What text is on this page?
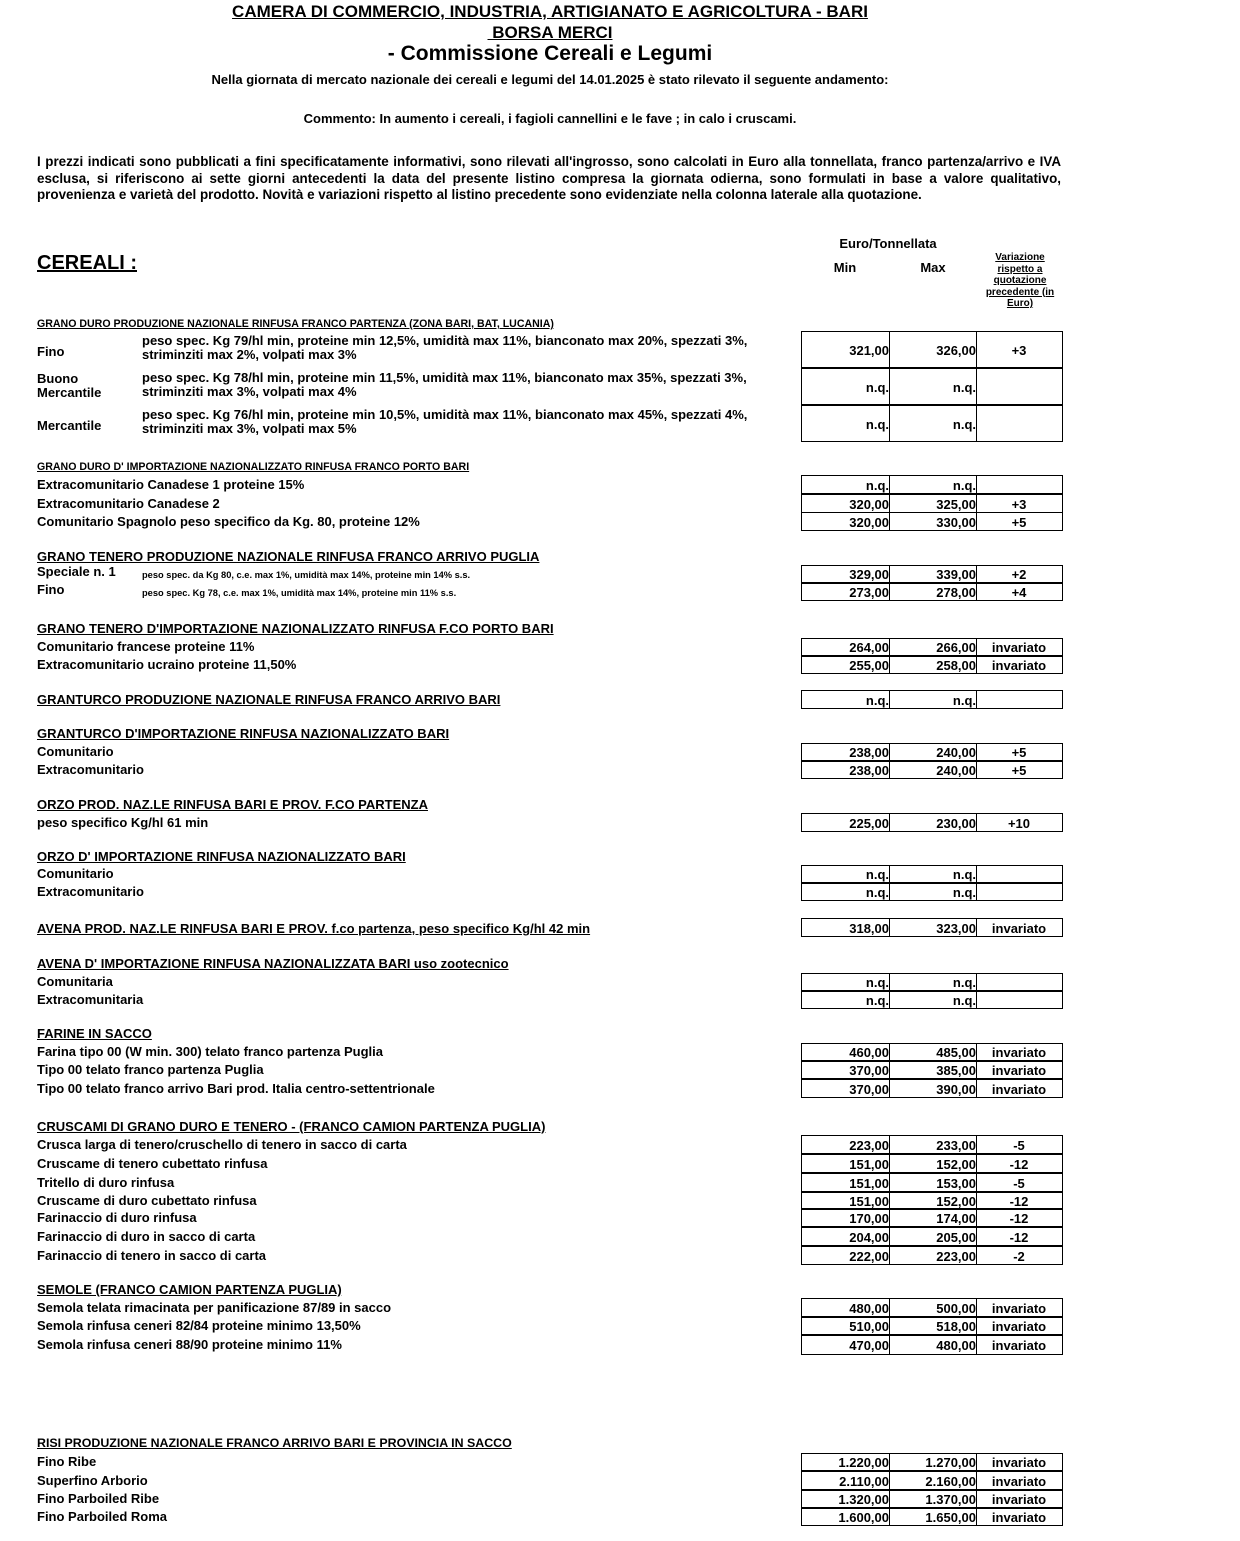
CAMERA DI COMMERCIO, INDUSTRIA, ARTIGIANATO E AGRICOLTURA - BARI
BORSA MERCI
- Commissione Cereali e Legumi
Nella giornata di mercato nazionale dei cereali e legumi del 14.01.2025 è stato rilevato il seguente andamento:
Commento: In aumento i cereali, i fagioli cannellini e le fave ; in calo i cruscami.
I prezzi indicati sono pubblicati a fini specificatamente informativi, sono rilevati all'ingrosso, sono calcolati in Euro alla tonnellata, franco partenza/arrivo e IVA esclusa, si riferiscono ai sette giorni antecedenti la data del presente listino compresa la giornata odierna, sono formulati in base a valore qualitativo, provenienza e varietà del prodotto. Novità e variazioni rispetto al listino precedente sono evidenziate nella colonna laterale alla quotazione.
CEREALI :
Euro/Tonnellata
Min	Max
Variazione rispetto a quotazione precedente (in Euro)
GRANO DURO PRODUZIONE NAZIONALE RINFUSA FRANCO PARTENZA (ZONA BARI, BAT, LUCANIA)
Fino
peso spec. Kg 79/hl min, proteine min 12,5%, umidità max 11%, bianconato max 20%, spezzati 3%, striminziti max 2%, volpati max 3%	321,00	326,00	+3
Buono
Mercantile
peso spec. Kg 78/hl min, proteine min 11,5%, umidità max 11%, bianconato max 35%, spezzati 3%, striminziti max 3%, volpati max 4%	n.q.	n.q.
Mercantile
peso spec. Kg 76/hl min, proteine min 10,5%, umidità max 11%, bianconato max 45%, spezzati 4%, striminziti max 3%, volpati max 5%	n.q.	n.q.
GRANO DURO D' IMPORTAZIONE NAZIONALIZZATO RINFUSA FRANCO PORTO BARI
Extracomunitario Canadese 1 proteine 15%	n.q.	n.q.
Extracomunitario Canadese 2	320,00	325,00	+3
Comunitario Spagnolo peso specifico da Kg. 80, proteine 12%	320,00	330,00	+5
GRANO TENERO PRODUZIONE NAZIONALE RINFUSA FRANCO ARRIVO PUGLIA
Speciale n. 1	peso spec. da Kg 80, c.e. max 1%, umidità max 14%, proteine min 14% s.s.	329,00	339,00	+2
Fino	peso spec. Kg 78, c.e. max 1%, umidità max 14%, proteine min 11% s.s.	273,00	278,00	+4
GRANO TENERO D'IMPORTAZIONE NAZIONALIZZATO RINFUSA F.CO PORTO BARI
Comunitario francese proteine 11%	264,00	266,00	invariato
Extracomunitario ucraino proteine 11,50%	255,00	258,00	invariato
GRANTURCO PRODUZIONE NAZIONALE RINFUSA FRANCO ARRIVO BARI	n.q.	n.q.
GRANTURCO D'IMPORTAZIONE RINFUSA NAZIONALIZZATO BARI
Comunitario	238,00	240,00	+5
Extracomunitario	238,00	240,00	+5
ORZO PROD. NAZ.LE RINFUSA BARI E PROV. F.CO PARTENZA
peso specifico Kg/hl 61 min	225,00	230,00	+10
ORZO D' IMPORTAZIONE RINFUSA NAZIONALIZZATO BARI
Comunitario	n.q.	n.q.
Extracomunitario	n.q.	n.q.
AVENA PROD. NAZ.LE RINFUSA BARI E PROV. f.co partenza, peso specifico Kg/hl 42 min	318,00	323,00	invariato
AVENA D' IMPORTAZIONE RINFUSA NAZIONALIZZATA BARI uso zootecnico
Comunitaria	n.q.	n.q.
Extracomunitaria	n.q.	n.q.
FARINE IN SACCO
Farina tipo 00 (W min. 300) telato franco partenza Puglia	460,00	485,00	invariato
Tipo 00 telato franco partenza Puglia	370,00	385,00	invariato
Tipo 00 telato franco arrivo Bari prod. Italia centro-settentrionale	370,00	390,00	invariato
CRUSCAMI DI GRANO DURO E TENERO - (FRANCO CAMION PARTENZA PUGLIA)
Crusca larga di tenero/cruschello di tenero in sacco di carta	223,00	233,00	-5
Cruscame di tenero cubettato rinfusa	151,00	152,00	-12
Tritello di duro rinfusa	151,00	153,00	-5
Cruscame di duro cubettato rinfusa	151,00	152,00	-12
Farinaccio di duro rinfusa	170,00	174,00	-12
Farinaccio di duro in sacco di carta	204,00	205,00	-12
Farinaccio di tenero in sacco di carta	222,00	223,00	-2
SEMOLE (FRANCO CAMION PARTENZA PUGLIA)
Semola telata rimacinata per panificazione 87/89 in sacco	480,00	500,00	invariato
Semola rinfusa ceneri 82/84 proteine minimo 13,50%	510,00	518,00	invariato
Semola rinfusa ceneri 88/90 proteine minimo 11%	470,00	480,00	invariato
RISI PRODUZIONE NAZIONALE FRANCO ARRIVO BARI E PROVINCIA IN SACCO
Fino Ribe	1.220,00	1.270,00	invariato
Superfino Arborio	2.110,00	2.160,00	invariato
Fino Parboiled Ribe	1.320,00	1.370,00	invariato
Fino Parboiled Roma	1.600,00	1.650,00	invariato
